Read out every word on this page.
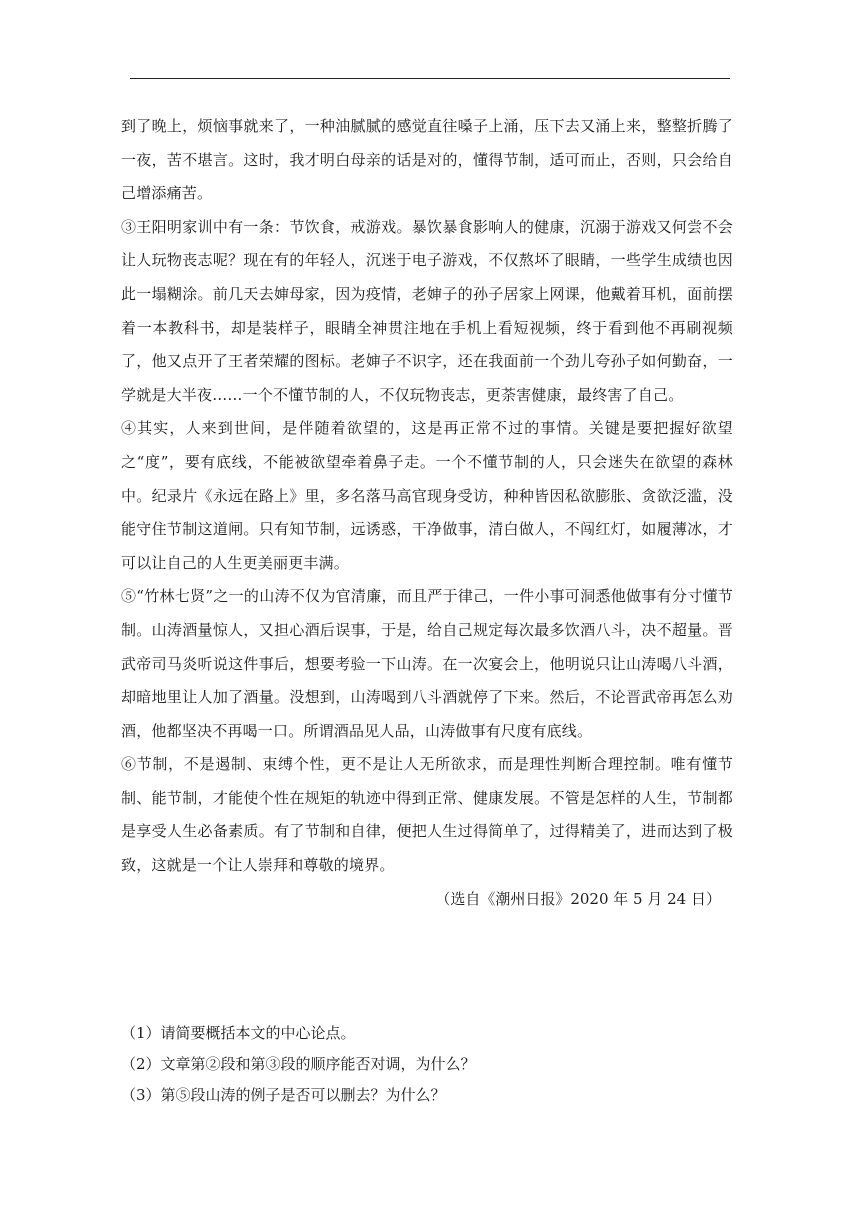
到了晚上，烦恼事就来了，一种油腻腻的感觉直往嗓子上涌，压下去又涌上来，整整折腾了一夜，苦不堪言。这时，我才明白母亲的话是对的，懂得节制，适可而止，否则，只会给自己增添痛苦。

③王阳明家训中有一条：节饮食，戒游戏。暴饮暴食影响人的健康，沉溺于游戏又何尝不会让人玩物丧志呢？现在有的年轻人，沉迷于电子游戏，不仅熬坏了眼睛，一些学生成绩也因此一塌糊涂。前几天去婶母家，因为疫情，老婶子的孙子居家上网课，他戴着耳机，面前摆着一本教科书，却是装样子，眼睛全神贯注地在手机上看短视频，终于看到他不再刷视频了，他又点开了王者荣耀的图标。老婶子不识字，还在我面前一个劲儿夸孙子如何勤奋，一学就是大半夜……一个不懂节制的人，不仅玩物丧志，更荼害健康，最终害了自己。

④其实，人来到世间，是伴随着欲望的，这是再正常不过的事情。关键是要把握好欲望之“度”，要有底线，不能被欲望牵着鼻子走。一个不懂节制的人，只会迷失在欲望的森林中。纪录片《永远在路上》里，多名落马高官现身受访，种种皆因私欲膨胀、贪欲泛滥，没能守住节制这道闸。只有知节制，远诱惑，干净做事，清白做人，不闯红灯，如履薄冰，才可以让自己的人生更美丽更丰满。

⑤“竹林七贤”之一的山涛不仅为官清廉，而且严于律己，一件小事可洞悉他做事有分寸懂节制。山涛酒量惊人，又担心酒后误事，于是，给自己规定每次最多饮酒八斗，决不超量。晋武帝司马炎听说这件事后，想要考验一下山涛。在一次宴会上，他明说只让山涛喝八斗酒，却暗地里让人加了酒量。没想到，山涛喝到八斗酒就停了下来。然后，不论晋武帝再怎么劝酒，他都坚决不再喝一口。所谓酒品见人品，山涛做事有尺度有底线。

⑥节制，不是遏制、束缚个性，更不是让人无所欲求，而是理性判断合理控制。唯有懂节制、能节制，才能使个性在规矩的轨迹中得到正常、健康发展。不管是怎样的人生，节制都是享受人生必备素质。有了节制和自律，便把人生过得简单了，过得精美了，进而达到了极致，这就是一个让人崇拜和尊敬的境界。

（选自《潮州日报》2020 年 5 月 24 日）

（1）请简要概括本文的中心论点。

（2）文章第②段和第③段的顺序能否对调，为什么？

（3）第⑤段山涛的例子是否可以删去？为什么？
